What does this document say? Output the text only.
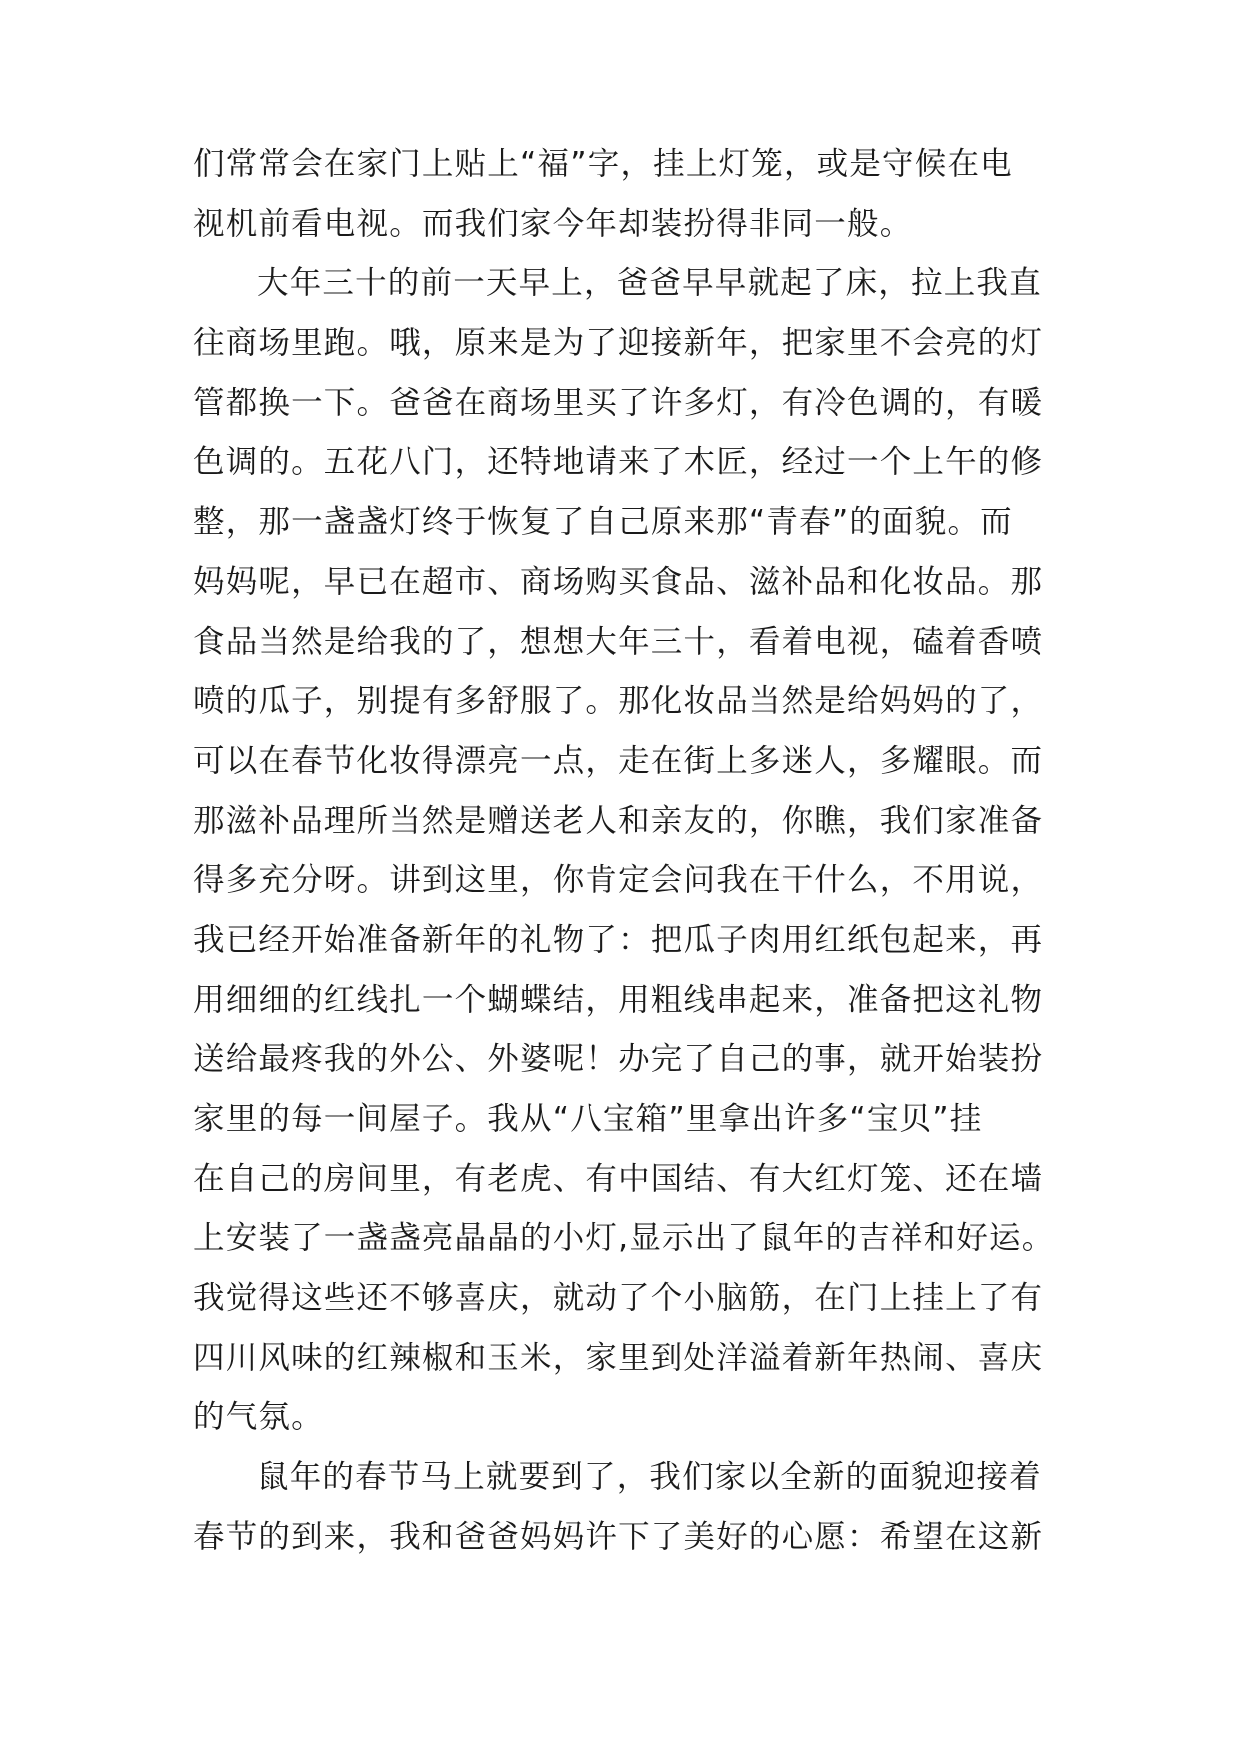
们常常会在家门上贴上“福”字，挂上灯笼，或是守候在电
视机前看电视。而我们家今年却装扮得非同一般。
大年三十的前一天早上，爸爸早早就起了床，拉上我直
往商场里跑。哦，原来是为了迎接新年，把家里不会亮的灯
管都换一下。爸爸在商场里买了许多灯，有冷色调的，有暖
色调的。五花八门，还特地请来了木匠，经过一个上午的修
整，那一盏盏灯终于恢复了自己原来那“青春”的面貌。而
妈妈呢，早已在超市、商场购买食品、滋补品和化妆品。那
食品当然是给我的了，想想大年三十，看着电视，磕着香喷
喷的瓜子，别提有多舒服了。那化妆品当然是给妈妈的了，
可以在春节化妆得漂亮一点，走在街上多迷人，多耀眼。而
那滋补品理所当然是赠送老人和亲友的，你瞧，我们家准备
得多充分呀。讲到这里，你肯定会问我在干什么，不用说，
我已经开始准备新年的礼物了：把瓜子肉用红纸包起来，再
用细细的红线扎一个蝴蝶结，用粗线串起来，准备把这礼物
送给最疼我的外公、外婆呢！办完了自己的事，就开始装扮
家里的每一间屋子。我从“八宝箱”里拿出许多“宝贝”挂
在自己的房间里，有老虎、有中国结、有大红灯笼、还在墙
上安装了一盏盏亮晶晶的小灯,显示出了鼠年的吉祥和好运。
我觉得这些还不够喜庆，就动了个小脑筋，在门上挂上了有
四川风味的红辣椒和玉米，家里到处洋溢着新年热闹、喜庆
的气氛。
鼠年的春节马上就要到了，我们家以全新的面貌迎接着
春节的到来，我和爸爸妈妈许下了美好的心愿：希望在这新
